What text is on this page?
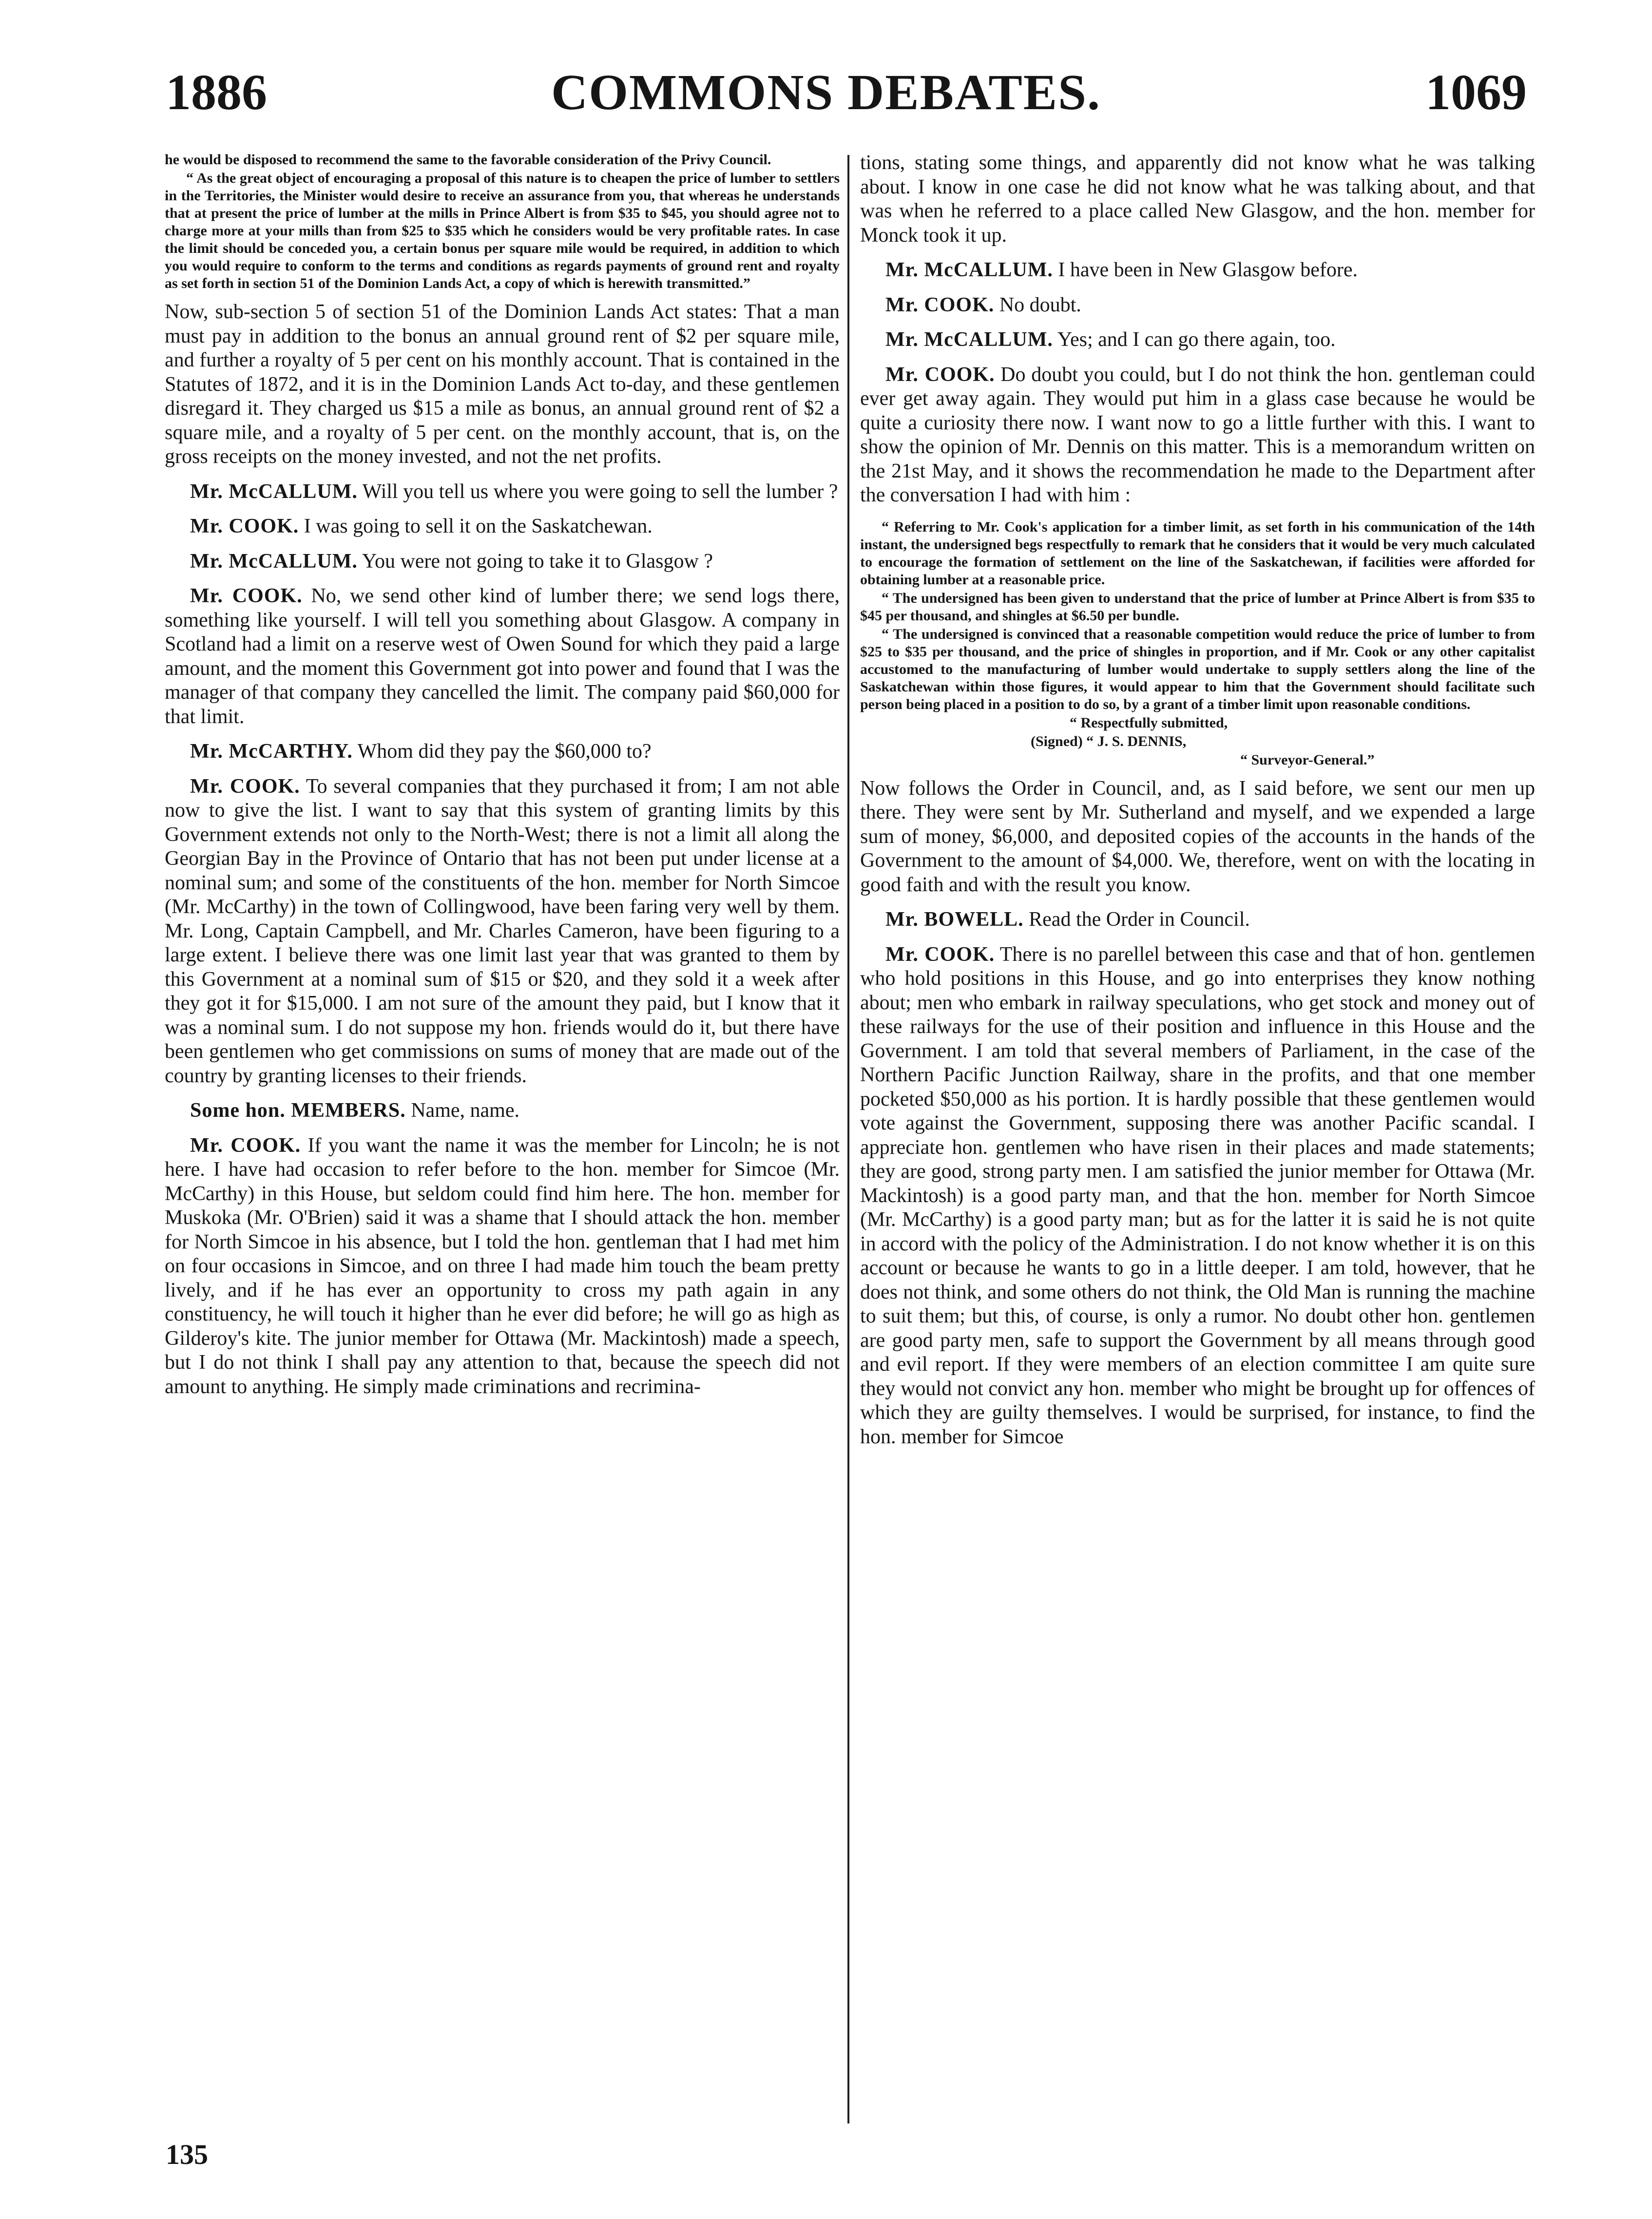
1886	COMMONS DEBATES.	1069

he would be disposed to recommend the same to the favorable consideration of the Privy Council.

“ As the great object of encouraging a proposal of this nature is to cheapen the price of lumber to settlers in the Territories, the Minister would desire to receive an assurance from you, that whereas he understands that at present the price of lumber at the mills in Prince Albert is from $35 to $45, you should agree not to charge more at your mills than from $25 to $35 which he considers would be very profitable rates. In case the limit should be conceded you, a certain bonus per square mile would be required, in addition to which you would require to conform to the terms and conditions as regards payments of ground rent and royalty as set forth in section 51 of the Dominion Lands Act, a copy of which is herewith transmitted.”

Now, sub-section 5 of section 51 of the Dominion Lands Act states: That a man must pay in addition to the bonus an annual ground rent of $2 per square mile, and further a royalty of 5 per cent on his monthly account. That is contained in the Statutes of 1872, and it is in the Dominion Lands Act to-day, and these gentlemen disregard it. They charged us $15 a mile as bonus, an annual ground rent of $2 a square mile, and a royalty of 5 per cent. on the monthly account, that is, on the gross receipts on the money invested, and not the net profits.

Mr. McCALLUM. Will you tell us where you were going to sell the lumber ?

Mr. COOK. I was going to sell it on the Saskatchewan.

Mr. McCALLUM. You were not going to take it to Glasgow ?

Mr. COOK. No, we send other kind of lumber there; we send logs there, something like yourself. I will tell you something about Glasgow. A company in Scotland had a limit on a reserve west of Owen Sound for which they paid a large amount, and the moment this Government got into power and found that I was the manager of that company they cancelled the limit. The company paid $60,000 for that limit.

Mr. McCARTHY. Whom did they pay the $60,000 to?

Mr. COOK. To several companies that they purchased it from; I am not able now to give the list. I want to say that this system of granting limits by this Government extends not only to the North-West; there is not a limit all along the Georgian Bay in the Province of Ontario that has not been put under license at a nominal sum; and some of the constituents of the hon. member for North Simcoe (Mr. McCarthy) in the town of Collingwood, have been faring very well by them. Mr. Long, Captain Campbell, and Mr. Charles Cameron, have been figuring to a large extent. I believe there was one limit last year that was granted to them by this Government at a nominal sum of $15 or $20, and they sold it a week after they got it for $15,000. I am not sure of the amount they paid, but I know that it was a nominal sum. I do not suppose my hon. friends would do it, but there have been gentlemen who get commissions on sums of money that are made out of the country by granting licenses to their friends.

Some hon. MEMBERS. Name, name.

Mr. COOK. If you want the name it was the member for Lincoln; he is not here. I have had occasion to refer before to the hon. member for Simcoe (Mr. McCarthy) in this House, but seldom could find him here. The hon. member for Muskoka (Mr. O'Brien) said it was a shame that I should attack the hon. member for North Simcoe in his absence, but I told the hon. gentleman that I had met him on four occasions in Simcoe, and on three I had made him touch the beam pretty lively, and if he has ever an opportunity to cross my path again in any constituency, he will touch it higher than he ever did before; he will go as high as Gilderoy's kite. The junior member for Ottawa (Mr. Mackintosh) made a speech, but I do not think I shall pay any attention to that, because the speech did not amount to anything. He simply made criminations and recrimina-

tions, stating some things, and apparently did not know what he was talking about. I know in one case he did not know what he was talking about, and that was when he referred to a place called New Glasgow, and the hon. member for Monck took it up.

Mr. McCALLUM. I have been in New Glasgow before.

Mr. COOK. No doubt.

Mr. McCALLUM. Yes; and I can go there again, too.

Mr. COOK. Do doubt you could, but I do not think the hon. gentleman could ever get away again. They would put him in a glass case because he would be quite a curiosity there now. I want now to go a little further with this. I want to show the opinion of Mr. Dennis on this matter. This is a memorandum written on the 21st May, and it shows the recommendation he made to the Department after the conversation I had with him :

“ Referring to Mr. Cook's application for a timber limit, as set forth in his communication of the 14th instant, the undersigned begs respectfully to remark that he considers that it would be very much calculated to encourage the formation of settlement on the line of the Saskatchewan, if facilities were afforded for obtaining lumber at a reasonable price.

“ The undersigned has been given to understand that the price of lumber at Prince Albert is from $35 to $45 per thousand, and shingles at $6.50 per bundle.

“ The undersigned is convinced that a reasonable competition would reduce the price of lumber to from $25 to $35 per thousand, and the price of shingles in proportion, and if Mr. Cook or any other capitalist accustomed to the manufacturing of lumber would undertake to supply settlers along the line of the Saskatchewan within those figures, it would appear to him that the Government should facilitate such person being placed in a position to do so, by a grant of a timber limit upon reasonable conditions.

“ Respectfully submitted,

(Signed) “ J. S. DENNIS,

“ Surveyor-General.”

Now follows the Order in Council, and, as I said before, we sent our men up there. They were sent by Mr. Sutherland and myself, and we expended a large sum of money, $6,000, and deposited copies of the accounts in the hands of the Government to the amount of $4,000. We, therefore, went on with the locating in good faith and with the result you know.

Mr. BOWELL. Read the Order in Council.

Mr. COOK. There is no parellel between this case and that of hon. gentlemen who hold positions in this House, and go into enterprises they know nothing about; men who embark in railway speculations, who get stock and money out of these railways for the use of their position and influence in this House and the Government. I am told that several members of Parliament, in the case of the Northern Pacific Junction Railway, share in the profits, and that one member pocketed $50,000 as his portion. It is hardly possible that these gentlemen would vote against the Government, supposing there was another Pacific scandal. I appreciate hon. gentlemen who have risen in their places and made statements; they are good, strong party men. I am satisfied the junior member for Ottawa (Mr. Mackintosh) is a good party man, and that the hon. member for North Simcoe (Mr. McCarthy) is a good party man; but as for the latter it is said he is not quite in accord with the policy of the Administration. I do not know whether it is on this account or because he wants to go in a little deeper. I am told, however, that he does not think, and some others do not think, the Old Man is running the machine to suit them; but this, of course, is only a rumor. No doubt other hon. gentlemen are good party men, safe to support the Government by all means through good and evil report. If they were members of an election committee I am quite sure they would not convict any hon. member who might be brought up for offences of which they are guilty themselves. I would be surprised, for instance, to find the hon. member for Simcoe

135
